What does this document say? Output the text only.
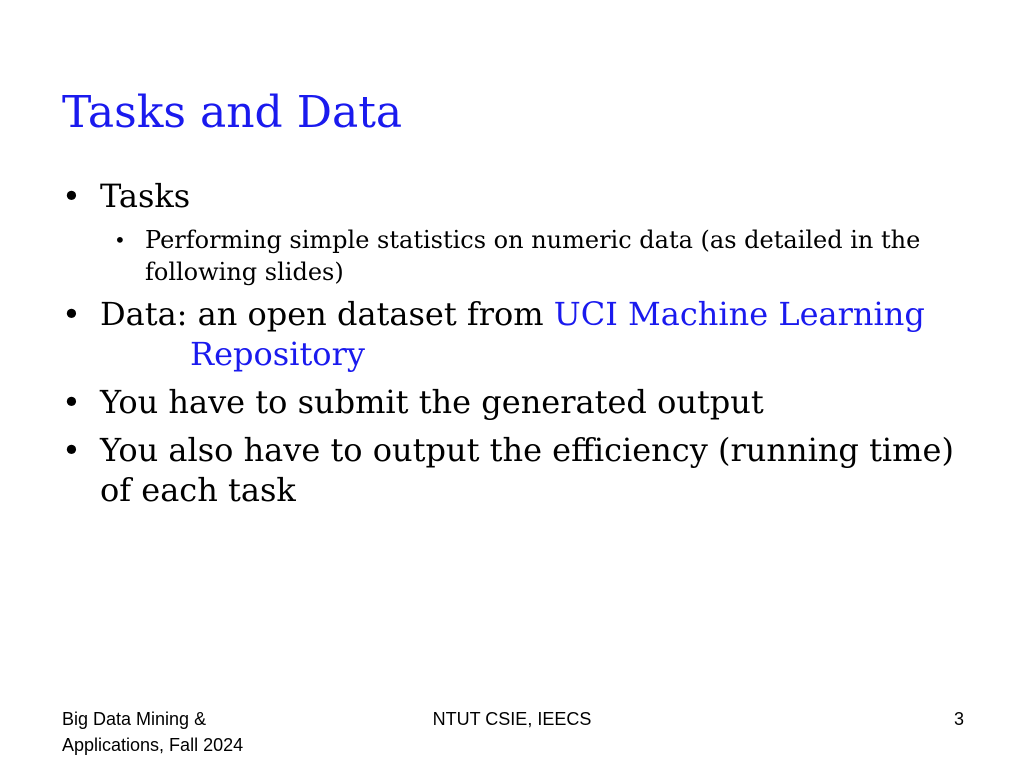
Tasks and Data
• Tasks
• Performing simple statistics on numeric data (as detailed in the following slides)
• Data: an open dataset from UCI Machine Learning
Repository
• You have to submit the generated output
• You also have to output the efficiency (running time) of each task
Big Data Mining & Applications, Fall 2024
NTUT CSIE, IEECS	3
